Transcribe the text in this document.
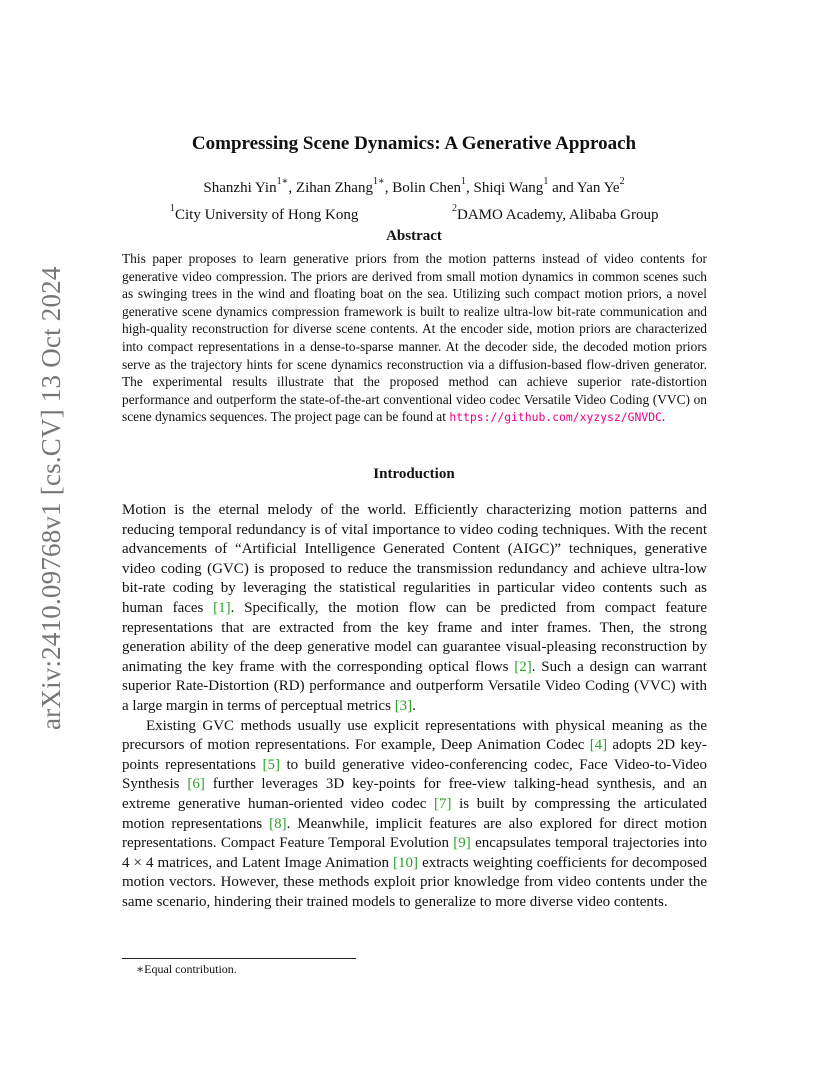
arXiv:2410.09768v1 [cs.CV] 13 Oct 2024
Compressing Scene Dynamics: A Generative Approach
Shanzhi Yin$^{1∗}$, Zihan Zhang$^{1∗}$, Bolin Chen$^1$, Shiqi Wang$^1$ and Yan Ye$^2$
$^1$City University of Hong Kong	$^2$DAMO Academy, Alibaba Group
Abstract
This paper proposes to learn generative priors from the motion patterns instead of video contents for generative video compression. The priors are derived from small motion dynamics in common scenes such as swinging trees in the wind and floating boat on the sea. Utilizing such compact motion priors, a novel generative scene dynamics compression framework is built to realize ultra-low bit-rate communication and high-quality reconstruction for diverse scene contents. At the encoder side, motion priors are characterized into compact representations in a dense-to-sparse manner. At the decoder side, the decoded motion priors serve as the trajectory hints for scene dynamics reconstruction via a diffusion-based flow-driven generator. The experimental results illustrate that the proposed method can achieve superior rate-distortion performance and outperform the state-of-the-art conventional video codec Versatile Video Coding (VVC) on scene dynamics sequences. The project page can be found at https://github.com/xyzysz/GNVDC.
Introduction

Motion is the eternal melody of the world. Efficiently characterizing motion patterns and reducing temporal redundancy is of vital importance to video coding techniques. With the recent advancements of “Artificial Intelligence Generated Content (AIGC)” techniques, generative video coding (GVC) is proposed to reduce the transmission redundancy and achieve ultra-low bit-rate coding by leveraging the statistical regularities in particular video contents such as human faces [1]. Specifically, the motion flow can be predicted from compact feature representations that are extracted from the key frame and inter frames. Then, the strong generation ability of the deep generative model can guarantee visual-pleasing reconstruction by animating the key frame with the corresponding optical flows [2]. Such a design can warrant superior Rate-Distortion (RD) performance and outperform Versatile Video Coding (VVC) with a large margin in terms of perceptual metrics [3].

Existing GVC methods usually use explicit representations with physical meaning as the precursors of motion representations. For example, Deep Animation Codec [4] adopts 2D key-points representations [5] to build generative video-conferencing codec, Face Video-to-Video Synthesis [6] further leverages 3D key-points for free-view talking-head synthesis, and an extreme generative human-oriented video codec [7] is built by compressing the articulated motion representations [8]. Meanwhile, implicit features are also explored for direct motion representations. Compact Feature Temporal Evolution [9] encapsulates temporal trajectories into 4 × 4 matrices, and Latent Image Animation [10] extracts weighting coefficients for decomposed motion vectors. However, these methods exploit prior knowledge from video contents under the same scenario, hindering their trained models to generalize to more diverse video contents.

∗Equal contribution.
